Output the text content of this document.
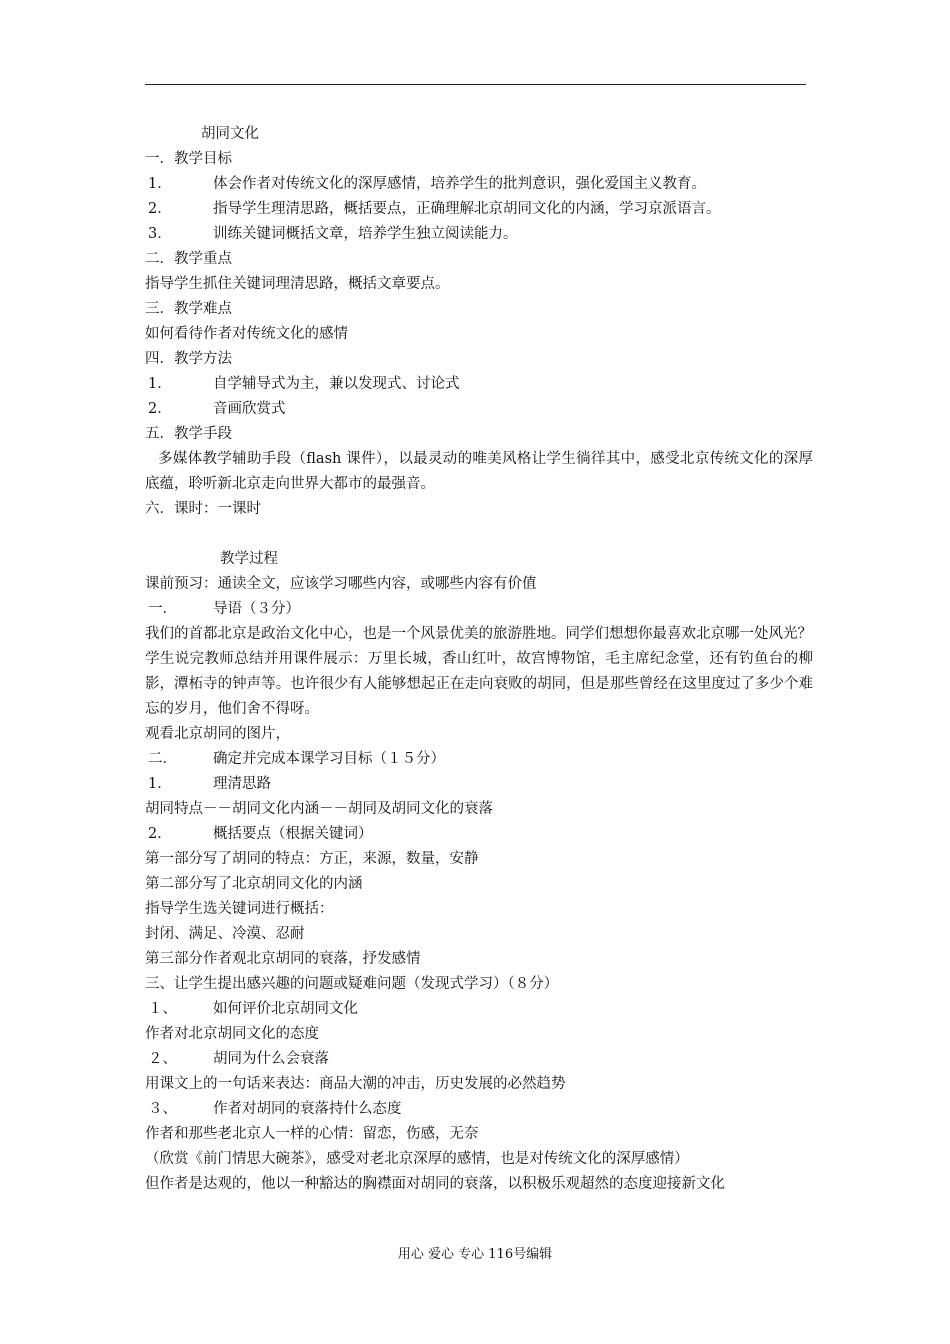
胡同文化
一．教学目标
1．	体会作者对传统文化的深厚感情，培养学生的批判意识，强化爱国主义教育。
2．	指导学生理清思路，概括要点，正确理解北京胡同文化的内涵，学习京派语言。
3．	训练关键词概括文章，培养学生独立阅读能力。
二．教学重点
指导学生抓住关键词理清思路，概括文章要点。
三．教学难点
如何看待作者对传统文化的感情
四．教学方法
1．	自学辅导式为主，兼以发现式、讨论式
2．	音画欣赏式
五．教学手段
多媒体教学辅助手段（flash 课件），以最灵动的唯美风格让学生徜徉其中，感受北京传统文化的深厚底蕴，聆听新北京走向世界大都市的最强音。
六．课时：一课时
教学过程
课前预习：通读全文，应该学习哪些内容，或哪些内容有价值
一． 导语（３分）
我们的首都北京是政治文化中心，也是一个风景优美的旅游胜地。同学们想想你最喜欢北京哪一处风光？
学生说完教师总结并用课件展示：万里长城，香山红叶，故宫博物馆，毛主席纪念堂，还有钓鱼台的柳影，潭柘寺的钟声等。也许很少有人能够想起正在走向衰败的胡同，但是那些曾经在这里度过了多少个难忘的岁月，他们舍不得呀。
观看北京胡同的图片，
二． 确定并完成本课学习目标（１５分）
1．	理清思路
胡同特点－－胡同文化内涵－－胡同及胡同文化的衰落
2．	概括要点（根据关键词）
第一部分写了胡同的特点：方正，来源，数量，安静
第二部分写了北京胡同文化的内涵
指导学生选关键词进行概括：
封闭、满足、冷漠、忍耐
第三部分作者观北京胡同的衰落，抒发感情
三、让学生提出感兴趣的问题或疑难问题（发现式学习）（８分）
１、 如何评价北京胡同文化
作者对北京胡同文化的态度
２、 胡同为什么会衰落
用课文上的一句话来表达：商品大潮的冲击，历史发展的必然趋势
３、 作者对胡同的衰落持什么态度
作者和那些老北京人一样的心情：留恋，伤感，无奈
（欣赏《前门情思大碗茶》，感受对老北京深厚的感情，也是对传统文化的深厚感情）
但作者是达观的，他以一种豁达的胸襟面对胡同的衰落，以积极乐观超然的态度迎接新文化
用心 爱心 专心 116号编辑
